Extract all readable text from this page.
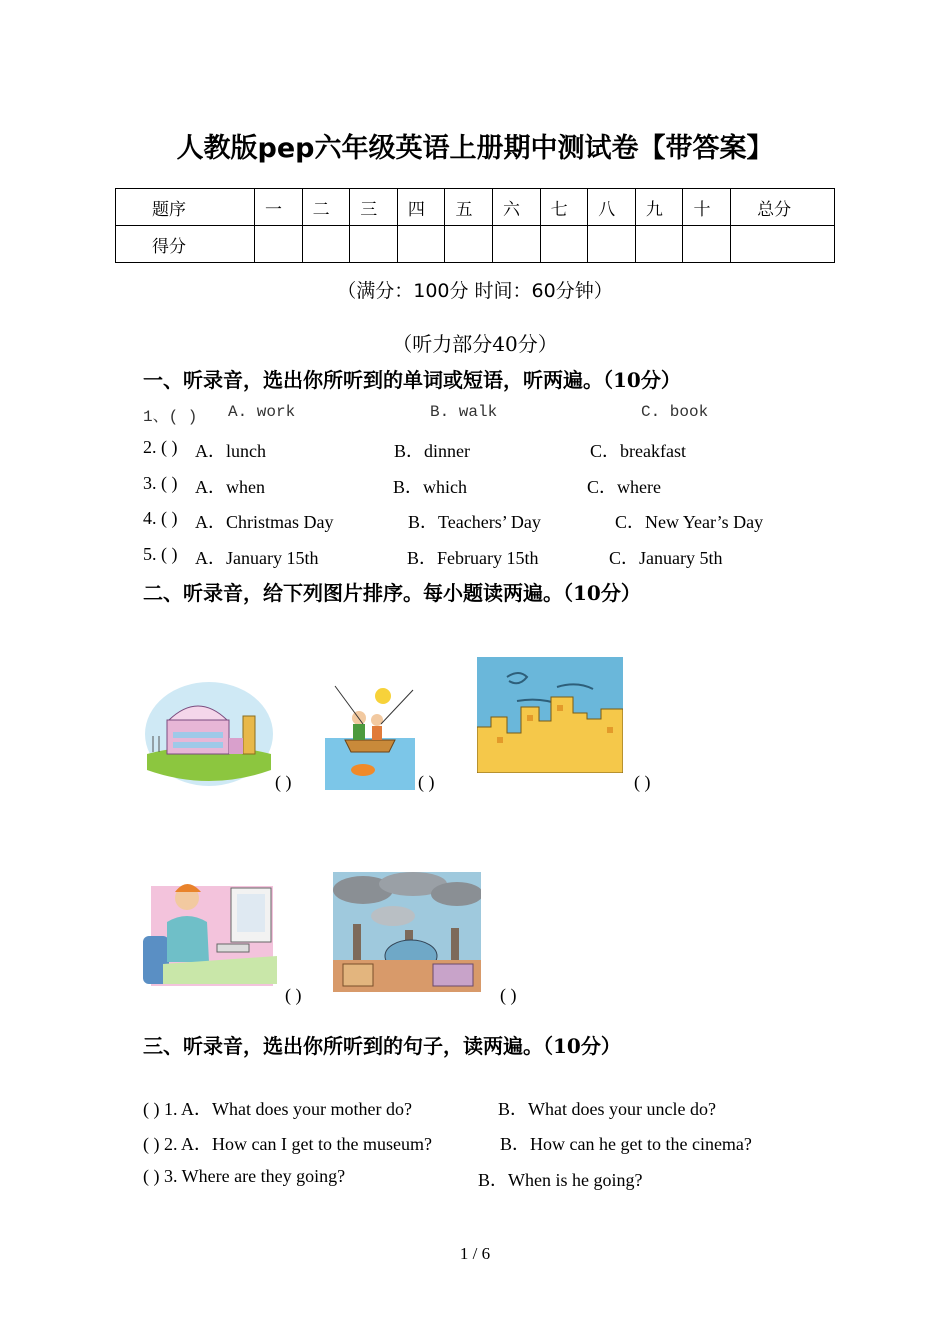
人教版pep六年级英语上册期中测试卷【带答案】
题序	一	二	三	四	五	六	七	八	九	十	总分
得分											
（满分：100分 时间：60分钟）
（听力部分40分）
一、听录音，选出你所听到的单词或短语，听两遍。（10分）
1、( ) A. work	B. walk	C. book
2. ( ) A．lunch	B．dinner	C．breakfast
3. ( ) A．when	B．which	C．where
4. ( ) A．Christmas Day	B．Teachers’ Day	C．New Year’s Day
5. ( ) A．January 15th	B．February 15th	C．January 5th
二、听录音，给下列图片排序。每小题读两遍。（10分）
( )	( )	( )
( )	( )
三、听录音，选出你所听到的句子，读两遍。（10分）
( ) 1. A．What does your mother do?	B．What does your uncle do?
( ) 2. A．How can I get to the museum?	B．How can he get to the cinema?
( ) 3. Where are they going?	B．When is he going?
1 / 6
